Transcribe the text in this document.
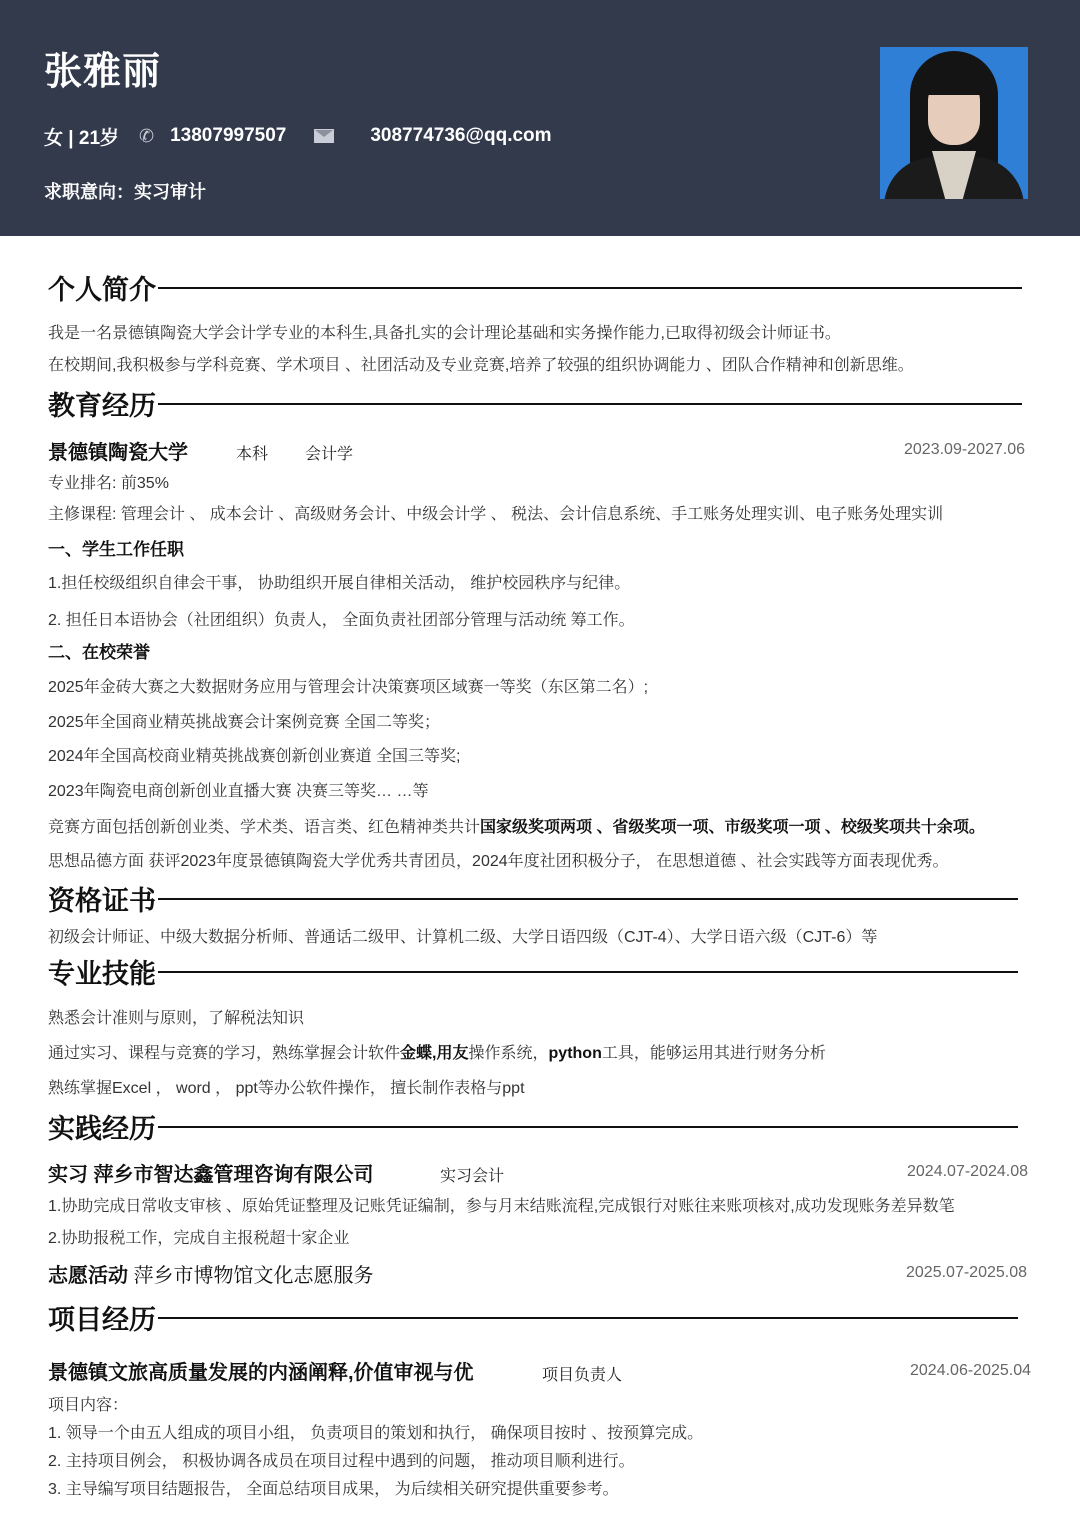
张雅丽
女 | 21岁 ✆ 13807997507	308774736@qq.com
求职意向：实习审计
个人简介
我是一名景德镇陶瓷大学会计学专业的本科生,具备扎实的会计理论基础和实务操作能力,已取得初级会计师证书。
在校期间,我积极参与学科竞赛、学术项目 、社团活动及专业竞赛,培养了较强的组织协调能力 、团队合作精神和创新思维。
教育经历
景德镇陶瓷大学	本科 会计学	2023.09-2027.06
专业排名: 前35%
主修课程: 管理会计 、 成本会计 、高级财务会计、中级会计学 、 税法、会计信息系统、手工账务处理实训、电子账务处理实训
一、学生工作任职
1.担任校级组织自律会干事， 协助组织开展自律相关活动， 维护校园秩序与纪律。
2. 担任日本语协会（社团组织）负责人， 全面负责社团部分管理与活动统 筹工作。
二、在校荣誉
2025年金砖大赛之大数据财务应用与管理会计决策赛项区域赛一等奖（东区第二名）;
2025年全国商业精英挑战赛会计案例竞赛 全国二等奖；
2024年全国高校商业精英挑战赛创新创业赛道 全国三等奖;
2023年陶瓷电商创新创业直播大赛 决赛三等奖… …等
竞赛方面包括创新创业类、学术类、语言类、红色精神类共计国家级奖项两项 、省级奖项一项、市级奖项一项 、校级奖项共十余项。
思想品德方面 获评2023年度景德镇陶瓷大学优秀共青团员，2024年度社团积极分子， 在思想道德 、社会实践等方面表现优秀。
资格证书
初级会计师证、中级大数据分析师、普通话二级甲、计算机二级、大学日语四级（CJT-4）、大学日语六级（CJT-6）等
专业技能
熟悉会计准则与原则，了解税法知识
通过实习、课程与竞赛的学习，熟练掌握会计软件金蝶,用友操作系统，python工具，能够运用其进行财务分析
熟练掌握Excel ， word ， ppt等办公软件操作， 擅长制作表格与ppt
实践经历
实习 萍乡市智达鑫管理咨询有限公司	实习会计	2024.07-2024.08
1.协助完成日常收支审核 、原始凭证整理及记账凭证编制，参与月末结账流程,完成银行对账往来账项核对,成功发现账务差异数笔
2.协助报税工作，完成自主报税超十家企业
志愿活动 萍乡市博物馆文化志愿服务	2025.07-2025.08
项目经历
景德镇文旅高质量发展的内涵阐释,价值审视与优	项目负责人	2024.06-2025.04
项目内容：
1. 领导一个由五人组成的项目小组， 负责项目的策划和执行， 确保项目按时 、按预算完成。
2. 主持项目例会， 积极协调各成员在项目过程中遇到的问题， 推动项目顺利进行。
3. 主导编写项目结题报告， 全面总结项目成果， 为后续相关研究提供重要参考。
